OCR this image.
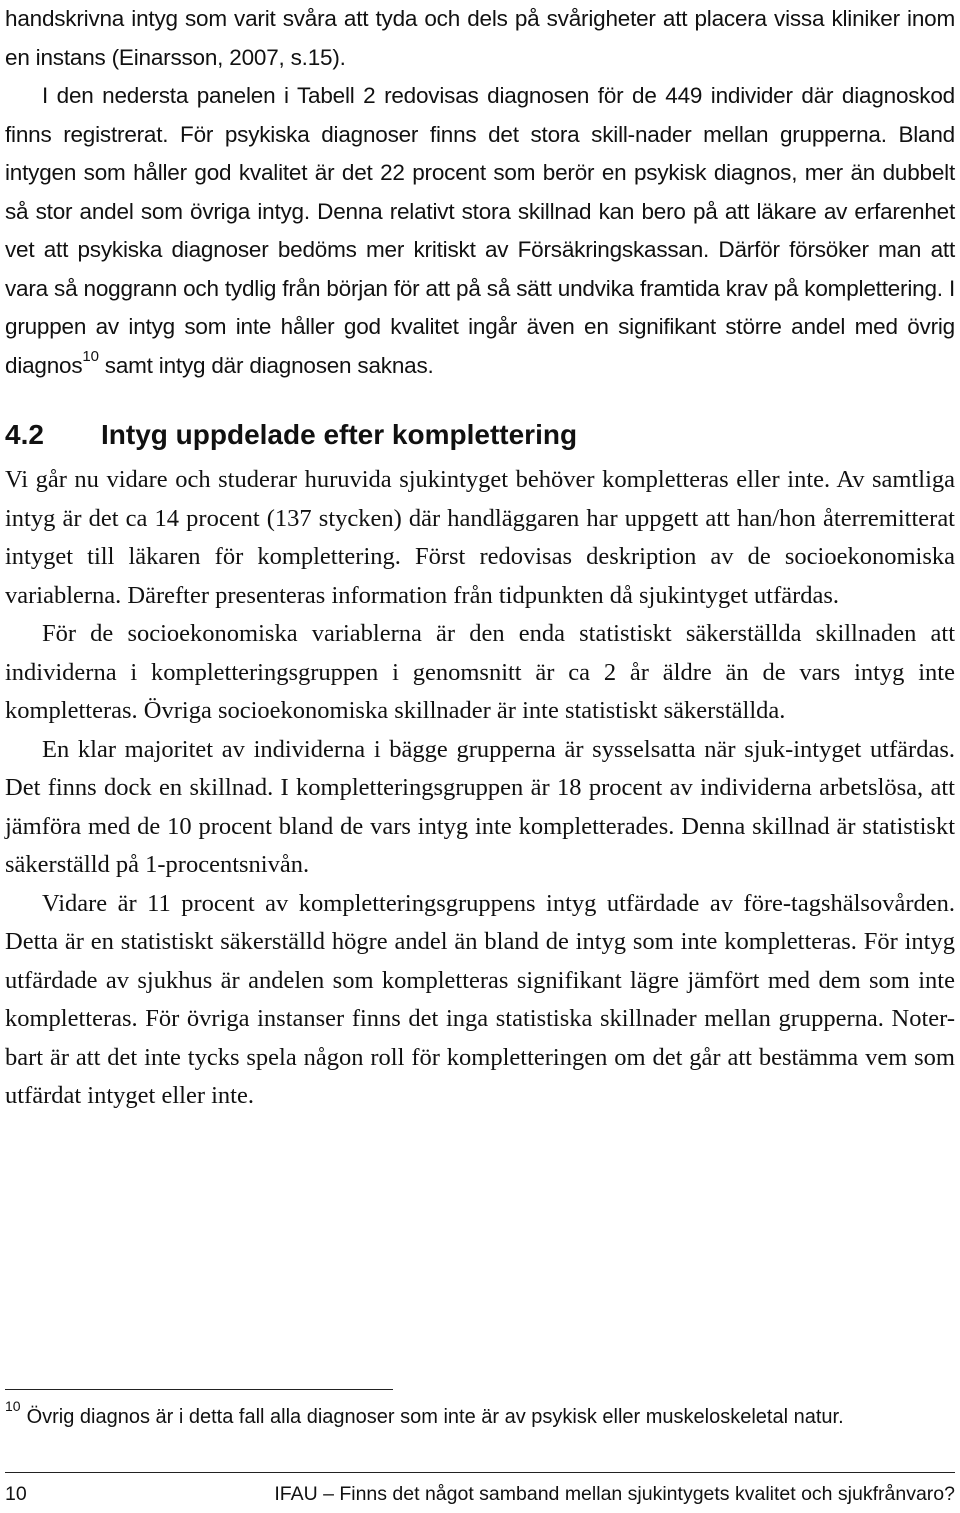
handskrivna intyg som varit svåra att tyda och dels på svårigheter att placera vissa kliniker inom en instans (Einarsson, 2007, s.15).
I den nedersta panelen i Tabell 2 redovisas diagnosen för de 449 individer där diagnoskod finns registrerat. För psykiska diagnoser finns det stora skill-nader mellan grupperna. Bland intygen som håller god kvalitet är det 22 procent som berör en psykisk diagnos, mer än dubbelt så stor andel som övriga intyg. Denna relativt stora skillnad kan bero på att läkare av erfarenhet vet att psykiska diagnoser bedöms mer kritiskt av Försäkringskassan. Därför försöker man att vara så noggrann och tydlig från början för att på så sätt undvika framtida krav på komplettering. I gruppen av intyg som inte håller god kvalitet ingår även en signifikant större andel med övrig diagnos$^{10}$ samt intyg där diagnosen saknas.

4.2	Intyg uppdelade efter komplettering

Vi går nu vidare och studerar huruvida sjukintyget behöver kompletteras eller inte. Av samtliga intyg är det ca 14 procent (137 stycken) där handläggaren har uppgett att han/hon återremitterat intyget till läkaren för komplettering. Först redovisas deskription av de socioekonomiska variablerna. Därefter presenteras information från tidpunkten då sjukintyget utfärdas.

För de socioekonomiska variablerna är den enda statistiskt säkerställda skillnaden att individerna i kompletteringsgruppen i genomsnitt är ca 2 år äldre än de vars intyg inte kompletteras. Övriga socioekonomiska skillnader är inte statistiskt säkerställda.

En klar majoritet av individerna i bägge grupperna är sysselsatta när sjuk-intyget utfärdas. Det finns dock en skillnad. I kompletteringsgruppen är 18 procent av individerna arbetslösa, att jämföra med de 10 procent bland de vars intyg inte kompletterades. Denna skillnad är statistiskt säkerställd på 1-procentsnivån.

Vidare är 11 procent av kompletteringsgruppens intyg utfärdade av före-tagshälsovården. Detta är en statistiskt säkerställd högre andel än bland de intyg som inte kompletteras. För intyg utfärdade av sjukhus är andelen som kompletteras signifikant lägre jämfört med dem som inte kompletteras. För övriga instanser finns det inga statistiska skillnader mellan grupperna. Noter-bart är att det inte tycks spela någon roll för kompletteringen om det går att bestämma vem som utfärdat intyget eller inte.

$^{10}$ Övrig diagnos är i detta fall alla diagnoser som inte är av psykisk eller muskeloskeletal natur.
10	IFAU – Finns det något samband mellan sjukintygets kvalitet och sjukfrånvaro?
